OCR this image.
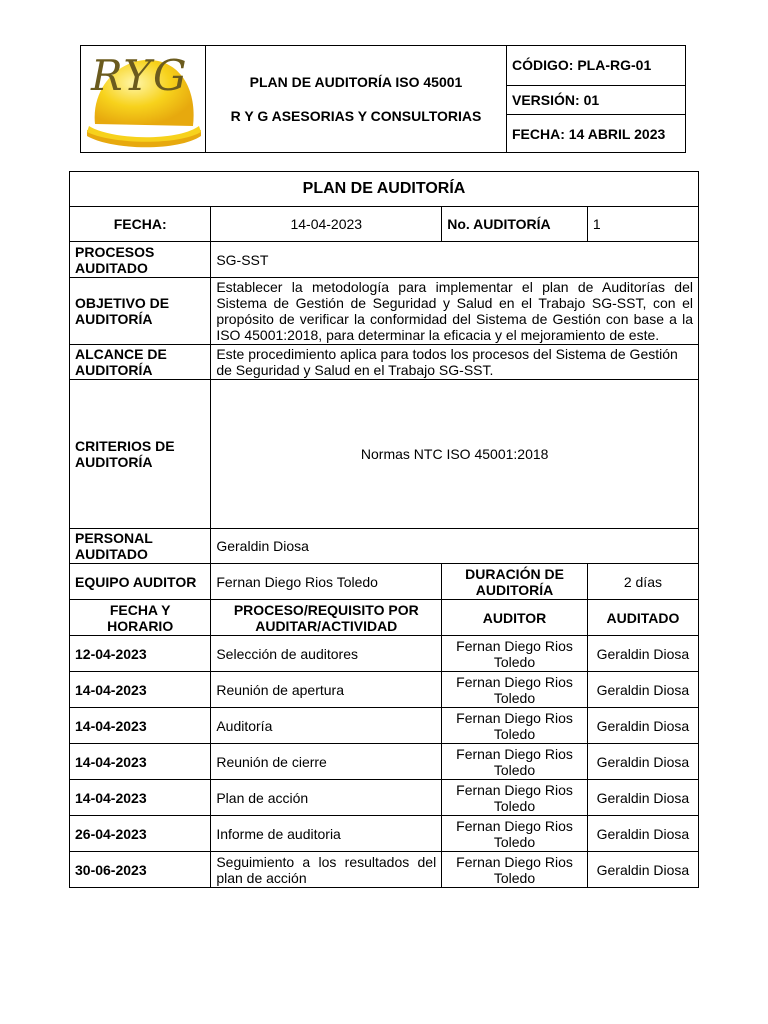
RYG	PLAN DE AUDITORÍA ISO 45001
R Y G ASESORIAS Y CONSULTORIAS
	CÓDIGO: PLA-RG-01
VERSIÓN: 01
FECHA: 14 ABRIL 2023
PLAN DE AUDITORÍA			
FECHA:	14-04-2023	No. AUDITORÍA	1
PROCESOS AUDITADO	SG-SST		
OBJETIVO DE AUDITORÍA	Establecer la metodología para implementar el plan de Auditorías del Sistema de Gestión de Seguridad y Salud en el Trabajo SG-SST, con el propósito de verificar la conformidad del Sistema de Gestión con base a la ISO 45001:2018, para determinar la eficacia y el mejoramiento de este.		
ALCANCE DE AUDITORÍA	Este procedimiento aplica para todos los procesos del Sistema de Gestión de Seguridad y Salud en el Trabajo SG-SST.		
CRITERIOS DE AUDITORÍA	Normas NTC ISO 45001:2018		
PERSONAL AUDITADO	Geraldin Diosa		
EQUIPO AUDITOR	Fernan Diego Rios Toledo	DURACIÓN DE AUDITORÍA	2 días
FECHA Y HORARIO	PROCESO/REQUISITO POR AUDITAR/ACTIVIDAD	AUDITOR	AUDITADO
12-04-2023	Selección de auditores	Fernan Diego Rios Toledo	Geraldin Diosa
14-04-2023	Reunión de apertura	Fernan Diego Rios Toledo	Geraldin Diosa
14-04-2023	Auditoría	Fernan Diego Rios Toledo	Geraldin Diosa
14-04-2023	Reunión de cierre	Fernan Diego Rios Toledo	Geraldin Diosa
14-04-2023	Plan de acción	Fernan Diego Rios Toledo	Geraldin Diosa
26-04-2023	Informe de auditoria	Fernan Diego Rios Toledo	Geraldin Diosa
30-06-2023	Seguimiento a los resultados del plan de acción	Fernan Diego Rios Toledo	Geraldin Diosa
